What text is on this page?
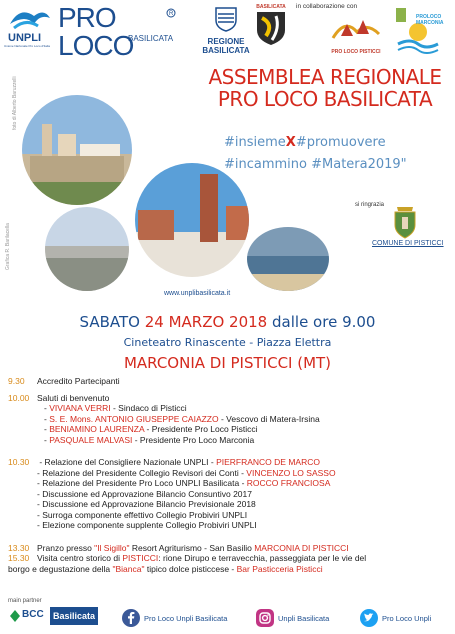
UNPLI
Unione Nazionale Pro Loco d'Italia
PRO LOCO
R
BASILICATA	REGIONE
BASILICATA
BASILICATA	in collaborazione con
PRO LOCO PISTICCI
PROLOCO MARCONIA
foto di Alberto Baruzzelli
Grafica R. Barilacella
ASSEMBLEA REGIONALE
PRO LOCO BASILICATA
#insiemeX#promuovere
#incammino #Matera2019"
si ringrazia
COMUNE DI PISTICCI
www.unplibasilicata.it
SABATO 24 MARZO 2018 dalle ore 9.00
Cineteatro Rinascente - Piazza Elettra
MARCONIA DI PISTICCI (MT)
9.30 Accredito Partecipanti
10.00 Saluti di benvenuto
- VIVIANA VERRI - Sindaco di Pisticci
- S. E. Mons. ANTONIO GIUSEPPE CAIAZZO - Vescovo di Matera-Irsina
- BENIAMINO LAURENZA - Presidente Pro Loco Pisticci
- PASQUALE MALVASI - Presidente Pro Loco Marconia
10.30 - Relazione del Consigliere Nazionale UNPLI - PIERFRANCO DE MARCO
- Relazione del Presidente Collegio Revisori dei Conti - VINCENZO LO SASSO
- Relazione del Presidente Pro Loco UNPLI Basilicata - ROCCO FRANCIOSA
- Discussione ed Approvazione Bilancio Consuntivo 2017
- Discussione ed Approvazione Bilancio Previsionale 2018
- Surroga componente effettivo Collegio Probiviri UNPLI
- Elezione componente supplente Collegio Probiviri UNPLI
13.30 Pranzo presso "Il Sigillo" Resort Agriturismo - San Basilio MARCONIA DI PISTICCI
15.30 Visita centro storico di PISTICCI: rione Dirupo e terravecchia, passeggiata per le vie del
borgo e degustazione della "Bianca" tipico dolce pisticcese - Bar Pasticceria Pisticci
main partner
BCC	Basilicata	Pro Loco Unpli Basilicata	Unpli Basilicata	Pro Loco Unpli
